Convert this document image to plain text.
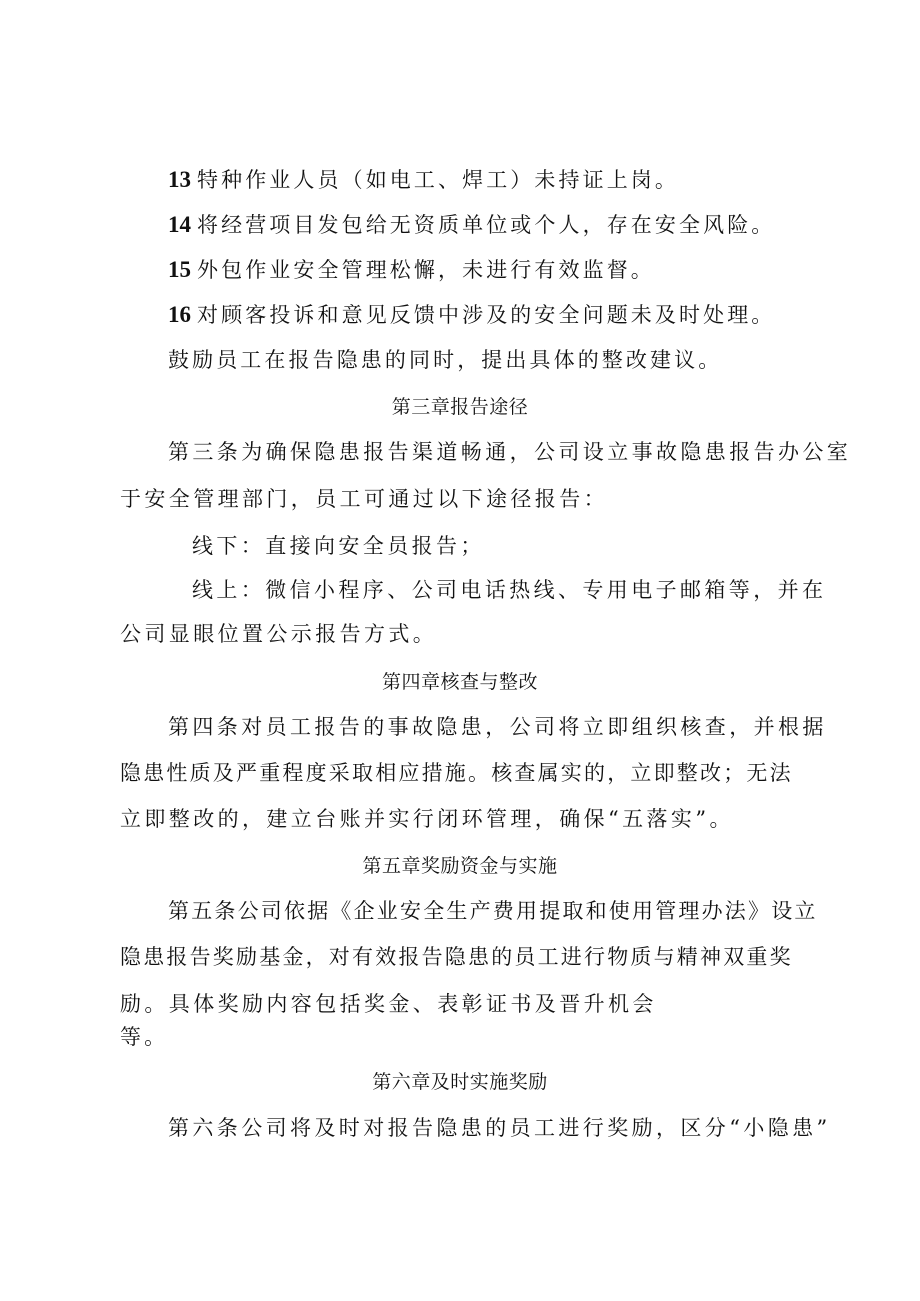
13 特种作业人员（如电工、焊工）未持证上岗。
14 将经营项目发包给无资质单位或个人，存在安全风险。
15 外包作业安全管理松懈，未进行有效监督。
16 对顾客投诉和意见反馈中涉及的安全问题未及时处理。
鼓励员工在报告隐患的同时，提出具体的整改建议。
第三章报告途径
第三条为确保隐患报告渠道畅通，公司设立事故隐患报告办公室
于安全管理部门，员工可通过以下途径报告：
线下：直接向安全员报告；
线上：微信小程序、公司电话热线、专用电子邮箱等，并在
公司显眼位置公示报告方式。
第四章核查与整改
第四条对员工报告的事故隐患，公司将立即组织核查，并根据
隐患性质及严重程度采取相应措施。核查属实的，立即整改；无法
立即整改的，建立台账并实行闭环管理，确保“五落实”。
第五章奖励资金与实施
第五条公司依据《企业安全生产费用提取和使用管理办法》设立
隐患报告奖励基金，对有效报告隐患的员工进行物质与精神双重奖
励。具体奖励内容包括奖金、表彰证书及晋升机会
等。
第六章及时实施奖励
第六条公司将及时对报告隐患的员工进行奖励，区分“小隐患”
